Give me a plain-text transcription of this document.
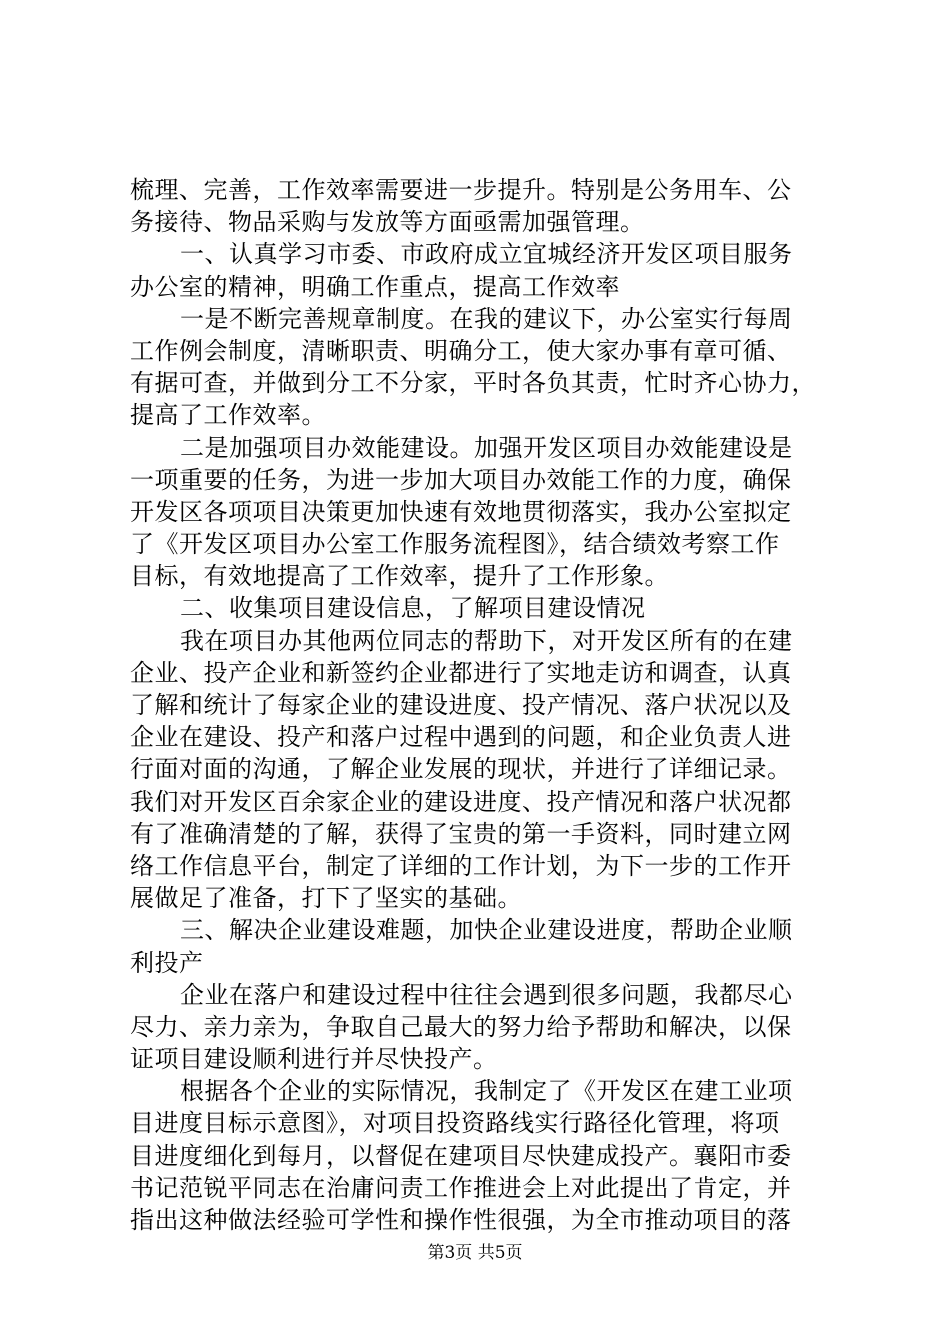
梳理、完善，工作效率需要进一步提升。特别是公务用车、公
务接待、物品采购与发放等方面亟需加强管理。
一、认真学习市委、市政府成立宜城经济开发区项目服务
办公室的精神，明确工作重点，提高工作效率
一是不断完善规章制度。在我的建议下，办公室实行每周
工作例会制度，清晰职责、明确分工，使大家办事有章可循、
有据可查，并做到分工不分家，平时各负其责，忙时齐心协力，
提高了工作效率。
二是加强项目办效能建设。加强开发区项目办效能建设是
一项重要的任务，为进一步加大项目办效能工作的力度，确保
开发区各项项目决策更加快速有效地贯彻落实，我办公室拟定
了《开发区项目办公室工作服务流程图》，结合绩效考察工作
目标，有效地提高了工作效率，提升了工作形象。
二、收集项目建设信息，了解项目建设情况
我在项目办其他两位同志的帮助下，对开发区所有的在建
企业、投产企业和新签约企业都进行了实地走访和调查，认真
了解和统计了每家企业的建设进度、投产情况、落户状况以及
企业在建设、投产和落户过程中遇到的问题，和企业负责人进
行面对面的沟通，了解企业发展的现状，并进行了详细记录。
我们对开发区百余家企业的建设进度、投产情况和落户状况都
有了准确清楚的了解，获得了宝贵的第一手资料，同时建立网
络工作信息平台，制定了详细的工作计划，为下一步的工作开
展做足了准备，打下了坚实的基础。
三、解决企业建设难题，加快企业建设进度，帮助企业顺
利投产
企业在落户和建设过程中往往会遇到很多问题，我都尽心
尽力、亲力亲为，争取自己最大的努力给予帮助和解决，以保
证项目建设顺利进行并尽快投产。
根据各个企业的实际情况，我制定了《开发区在建工业项
目进度目标示意图》，对项目投资路线实行路径化管理，将项
目进度细化到每月，以督促在建项目尽快建成投产。襄阳市委
书记范锐平同志在治庸问责工作推进会上对此提出了肯定，并
指出这种做法经验可学性和操作性很强，为全市推动项目的落
第3页 共5页
